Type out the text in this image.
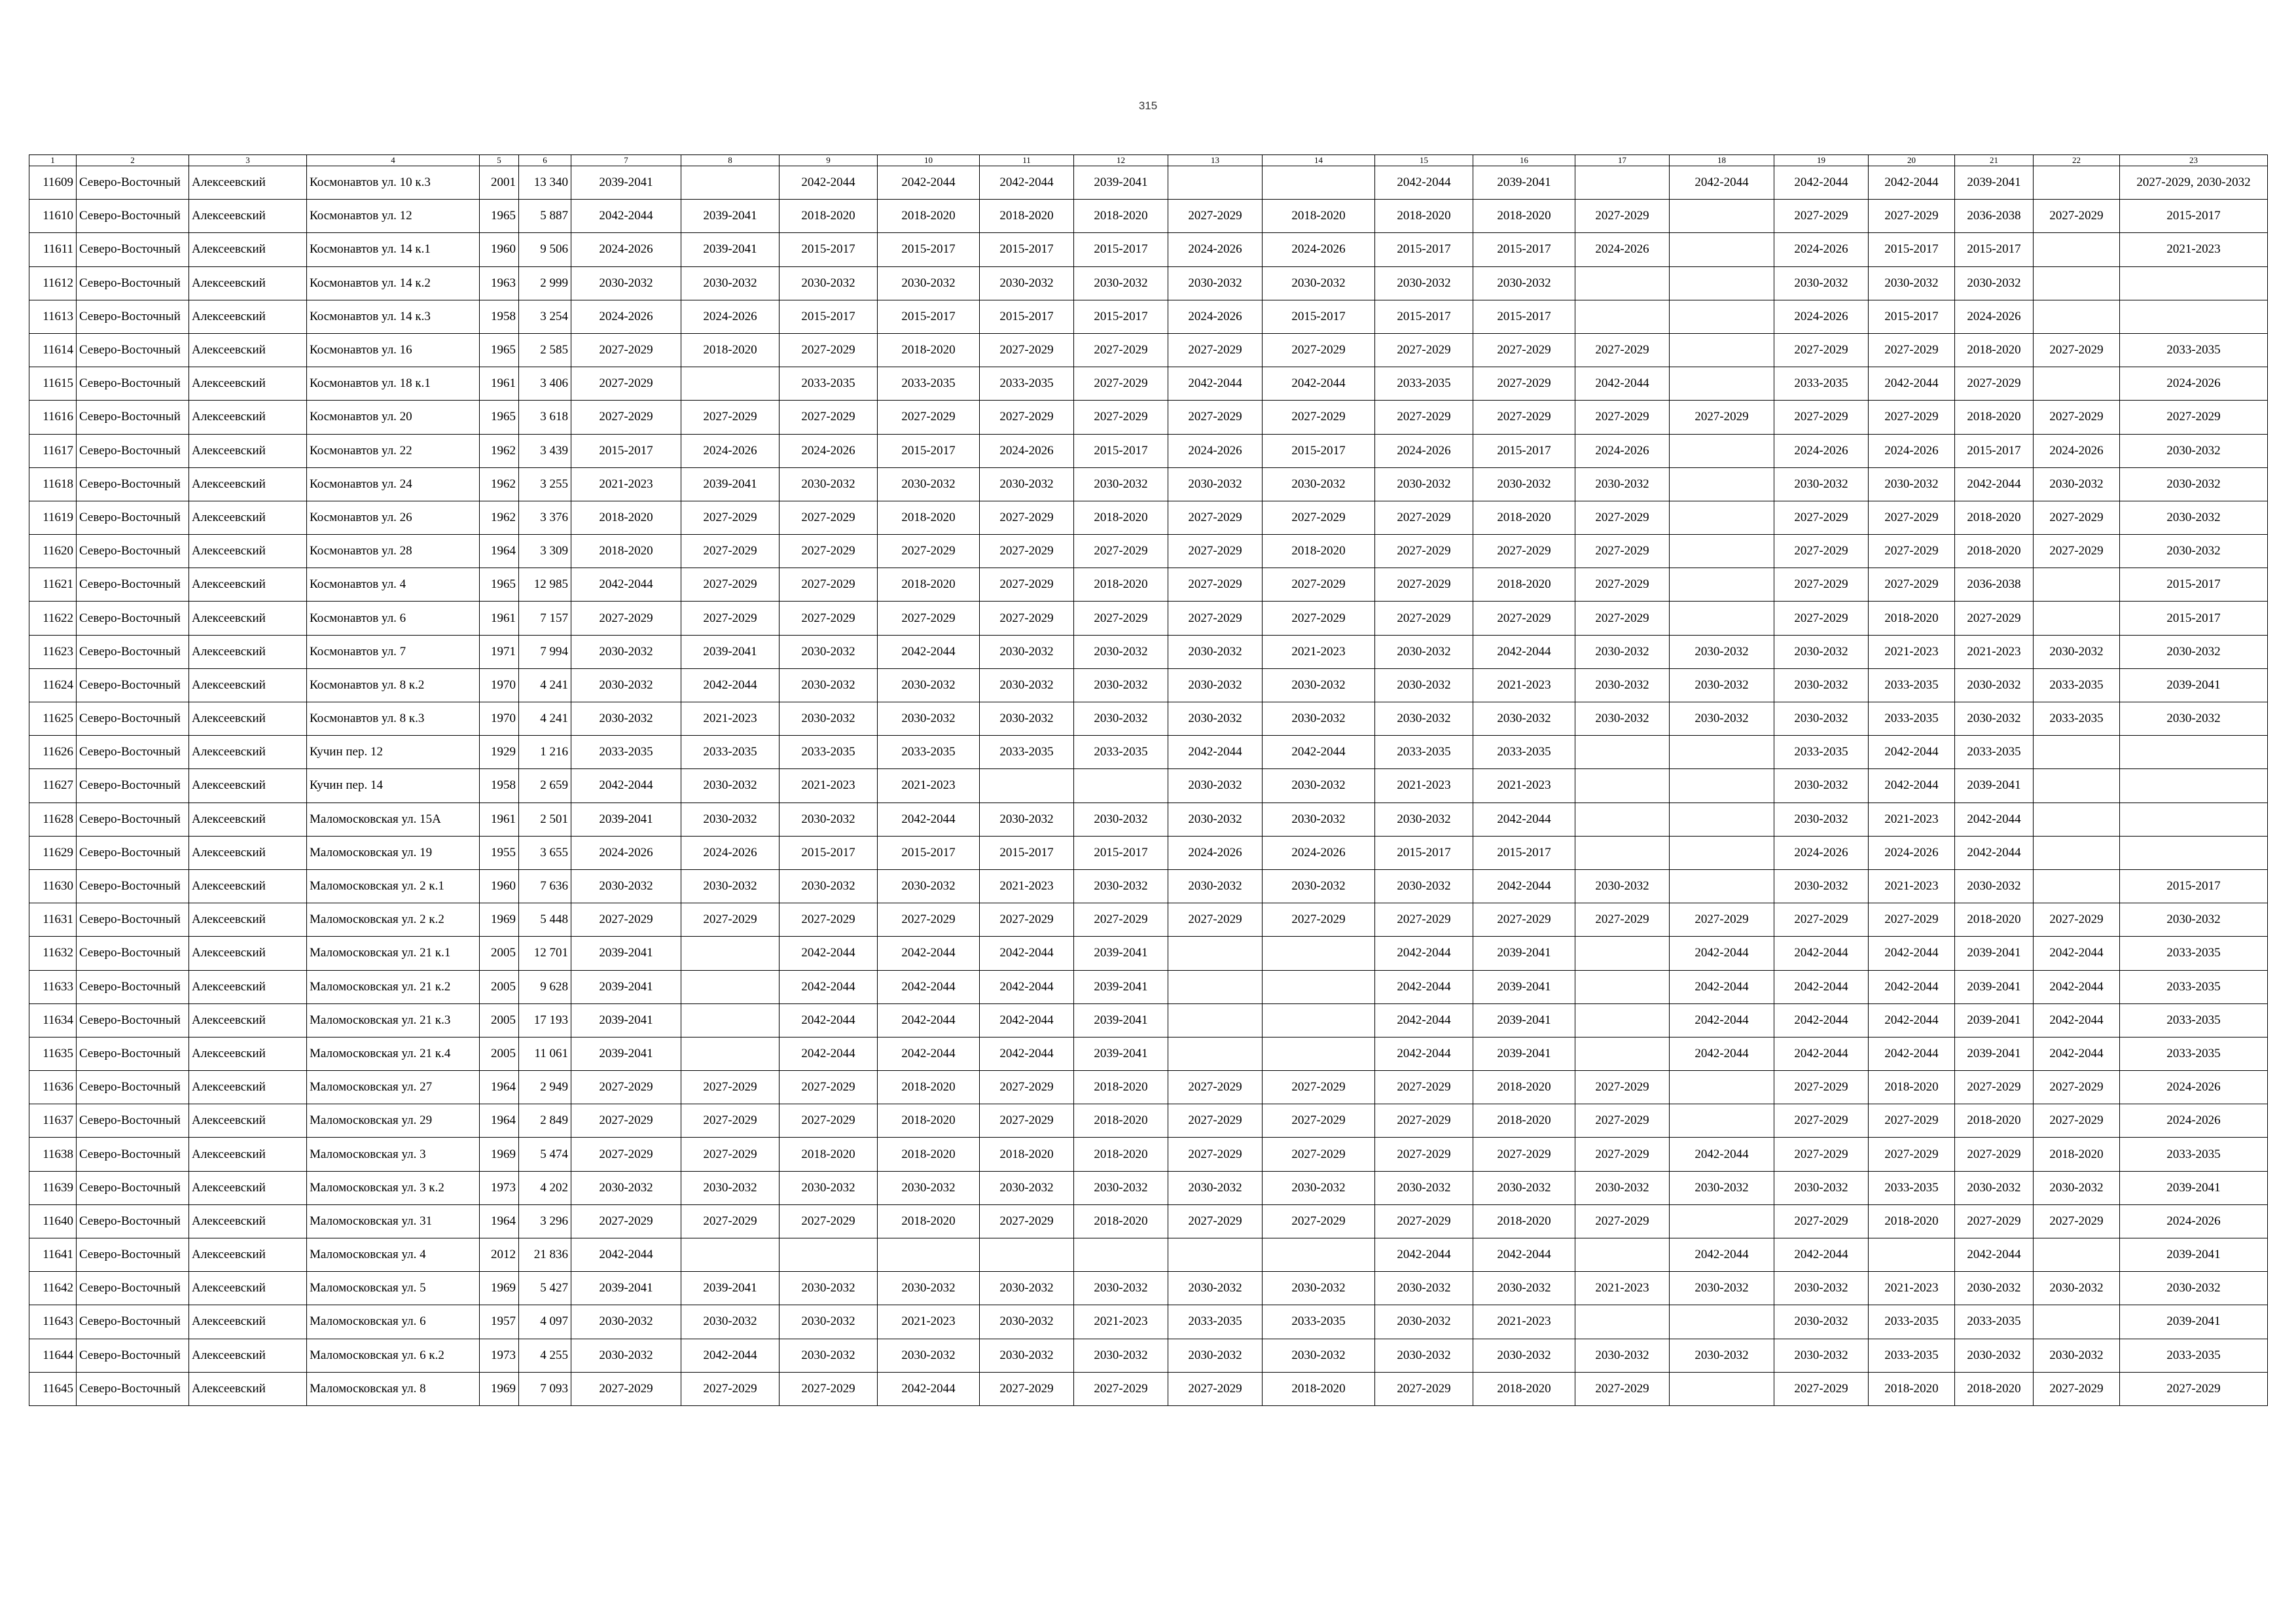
315
1	2	3	4	5	6	7	8	9	10	11	12	13	14	15	16	17	18	19	20	21	22	23
11609	Северо-Восточный	Алексеевский	Космонавтов ул. 10 к.3	2001	13 340	2039-2041		2042-2044	2042-2044	2042-2044	2039-2041			2042-2044	2039-2041		2042-2044	2042-2044	2042-2044	2039-2041		2027-2029, 2030-2032
11610	Северо-Восточный	Алексеевский	Космонавтов ул. 12	1965	5 887	2042-2044	2039-2041	2018-2020	2018-2020	2018-2020	2018-2020	2027-2029	2018-2020	2018-2020	2018-2020	2027-2029		2027-2029	2027-2029	2036-2038	2027-2029	2015-2017
11611	Северо-Восточный	Алексеевский	Космонавтов ул. 14 к.1	1960	9 506	2024-2026	2039-2041	2015-2017	2015-2017	2015-2017	2015-2017	2024-2026	2024-2026	2015-2017	2015-2017	2024-2026		2024-2026	2015-2017	2015-2017		2021-2023
11612	Северо-Восточный	Алексеевский	Космонавтов ул. 14 к.2	1963	2 999	2030-2032	2030-2032	2030-2032	2030-2032	2030-2032	2030-2032	2030-2032	2030-2032	2030-2032	2030-2032			2030-2032	2030-2032	2030-2032		
11613	Северо-Восточный	Алексеевский	Космонавтов ул. 14 к.3	1958	3 254	2024-2026	2024-2026	2015-2017	2015-2017	2015-2017	2015-2017	2024-2026	2015-2017	2015-2017	2015-2017			2024-2026	2015-2017	2024-2026		
11614	Северо-Восточный	Алексеевский	Космонавтов ул. 16	1965	2 585	2027-2029	2018-2020	2027-2029	2018-2020	2027-2029	2027-2029	2027-2029	2027-2029	2027-2029	2027-2029	2027-2029		2027-2029	2027-2029	2018-2020	2027-2029	2033-2035
11615	Северо-Восточный	Алексеевский	Космонавтов ул. 18 к.1	1961	3 406	2027-2029		2033-2035	2033-2035	2033-2035	2027-2029	2042-2044	2042-2044	2033-2035	2027-2029	2042-2044		2033-2035	2042-2044	2027-2029		2024-2026
11616	Северо-Восточный	Алексеевский	Космонавтов ул. 20	1965	3 618	2027-2029	2027-2029	2027-2029	2027-2029	2027-2029	2027-2029	2027-2029	2027-2029	2027-2029	2027-2029	2027-2029	2027-2029	2027-2029	2027-2029	2018-2020	2027-2029	2027-2029
11617	Северо-Восточный	Алексеевский	Космонавтов ул. 22	1962	3 439	2015-2017	2024-2026	2024-2026	2015-2017	2024-2026	2015-2017	2024-2026	2015-2017	2024-2026	2015-2017	2024-2026		2024-2026	2024-2026	2015-2017	2024-2026	2030-2032
11618	Северо-Восточный	Алексеевский	Космонавтов ул. 24	1962	3 255	2021-2023	2039-2041	2030-2032	2030-2032	2030-2032	2030-2032	2030-2032	2030-2032	2030-2032	2030-2032	2030-2032		2030-2032	2030-2032	2042-2044	2030-2032	2030-2032
11619	Северо-Восточный	Алексеевский	Космонавтов ул. 26	1962	3 376	2018-2020	2027-2029	2027-2029	2018-2020	2027-2029	2018-2020	2027-2029	2027-2029	2027-2029	2018-2020	2027-2029		2027-2029	2027-2029	2018-2020	2027-2029	2030-2032
11620	Северо-Восточный	Алексеевский	Космонавтов ул. 28	1964	3 309	2018-2020	2027-2029	2027-2029	2027-2029	2027-2029	2027-2029	2027-2029	2018-2020	2027-2029	2027-2029	2027-2029		2027-2029	2027-2029	2018-2020	2027-2029	2030-2032
11621	Северо-Восточный	Алексеевский	Космонавтов ул. 4	1965	12 985	2042-2044	2027-2029	2027-2029	2018-2020	2027-2029	2018-2020	2027-2029	2027-2029	2027-2029	2018-2020	2027-2029		2027-2029	2027-2029	2036-2038		2015-2017
11622	Северо-Восточный	Алексеевский	Космонавтов ул. 6	1961	7 157	2027-2029	2027-2029	2027-2029	2027-2029	2027-2029	2027-2029	2027-2029	2027-2029	2027-2029	2027-2029	2027-2029		2027-2029	2018-2020	2027-2029		2015-2017
11623	Северо-Восточный	Алексеевский	Космонавтов ул. 7	1971	7 994	2030-2032	2039-2041	2030-2032	2042-2044	2030-2032	2030-2032	2030-2032	2021-2023	2030-2032	2042-2044	2030-2032	2030-2032	2030-2032	2021-2023	2021-2023	2030-2032	2030-2032
11624	Северо-Восточный	Алексеевский	Космонавтов ул. 8 к.2	1970	4 241	2030-2032	2042-2044	2030-2032	2030-2032	2030-2032	2030-2032	2030-2032	2030-2032	2030-2032	2021-2023	2030-2032	2030-2032	2030-2032	2033-2035	2030-2032	2033-2035	2039-2041
11625	Северо-Восточный	Алексеевский	Космонавтов ул. 8 к.3	1970	4 241	2030-2032	2021-2023	2030-2032	2030-2032	2030-2032	2030-2032	2030-2032	2030-2032	2030-2032	2030-2032	2030-2032	2030-2032	2030-2032	2033-2035	2030-2032	2033-2035	2030-2032
11626	Северо-Восточный	Алексеевский	Кучин пер. 12	1929	1 216	2033-2035	2033-2035	2033-2035	2033-2035	2033-2035	2033-2035	2042-2044	2042-2044	2033-2035	2033-2035			2033-2035	2042-2044	2033-2035		
11627	Северо-Восточный	Алексеевский	Кучин пер. 14	1958	2 659	2042-2044	2030-2032	2021-2023	2021-2023			2030-2032	2030-2032	2021-2023	2021-2023			2030-2032	2042-2044	2039-2041		
11628	Северо-Восточный	Алексеевский	Маломосковская ул. 15А	1961	2 501	2039-2041	2030-2032	2030-2032	2042-2044	2030-2032	2030-2032	2030-2032	2030-2032	2030-2032	2042-2044			2030-2032	2021-2023	2042-2044		
11629	Северо-Восточный	Алексеевский	Маломосковская ул. 19	1955	3 655	2024-2026	2024-2026	2015-2017	2015-2017	2015-2017	2015-2017	2024-2026	2024-2026	2015-2017	2015-2017			2024-2026	2024-2026	2042-2044		
11630	Северо-Восточный	Алексеевский	Маломосковская ул. 2 к.1	1960	7 636	2030-2032	2030-2032	2030-2032	2030-2032	2021-2023	2030-2032	2030-2032	2030-2032	2030-2032	2042-2044	2030-2032		2030-2032	2021-2023	2030-2032		2015-2017
11631	Северо-Восточный	Алексеевский	Маломосковская ул. 2 к.2	1969	5 448	2027-2029	2027-2029	2027-2029	2027-2029	2027-2029	2027-2029	2027-2029	2027-2029	2027-2029	2027-2029	2027-2029	2027-2029	2027-2029	2027-2029	2018-2020	2027-2029	2030-2032
11632	Северо-Восточный	Алексеевский	Маломосковская ул. 21 к.1	2005	12 701	2039-2041		2042-2044	2042-2044	2042-2044	2039-2041			2042-2044	2039-2041		2042-2044	2042-2044	2042-2044	2039-2041	2042-2044	2033-2035
11633	Северо-Восточный	Алексеевский	Маломосковская ул. 21 к.2	2005	9 628	2039-2041		2042-2044	2042-2044	2042-2044	2039-2041			2042-2044	2039-2041		2042-2044	2042-2044	2042-2044	2039-2041	2042-2044	2033-2035
11634	Северо-Восточный	Алексеевский	Маломосковская ул. 21 к.3	2005	17 193	2039-2041		2042-2044	2042-2044	2042-2044	2039-2041			2042-2044	2039-2041		2042-2044	2042-2044	2042-2044	2039-2041	2042-2044	2033-2035
11635	Северо-Восточный	Алексеевский	Маломосковская ул. 21 к.4	2005	11 061	2039-2041		2042-2044	2042-2044	2042-2044	2039-2041			2042-2044	2039-2041		2042-2044	2042-2044	2042-2044	2039-2041	2042-2044	2033-2035
11636	Северо-Восточный	Алексеевский	Маломосковская ул. 27	1964	2 949	2027-2029	2027-2029	2027-2029	2018-2020	2027-2029	2018-2020	2027-2029	2027-2029	2027-2029	2018-2020	2027-2029		2027-2029	2018-2020	2027-2029	2027-2029	2024-2026
11637	Северо-Восточный	Алексеевский	Маломосковская ул. 29	1964	2 849	2027-2029	2027-2029	2027-2029	2018-2020	2027-2029	2018-2020	2027-2029	2027-2029	2027-2029	2018-2020	2027-2029		2027-2029	2027-2029	2018-2020	2027-2029	2024-2026
11638	Северо-Восточный	Алексеевский	Маломосковская ул. 3	1969	5 474	2027-2029	2027-2029	2018-2020	2018-2020	2018-2020	2018-2020	2027-2029	2027-2029	2027-2029	2027-2029	2027-2029	2042-2044	2027-2029	2027-2029	2027-2029	2018-2020	2033-2035
11639	Северо-Восточный	Алексеевский	Маломосковская ул. 3 к.2	1973	4 202	2030-2032	2030-2032	2030-2032	2030-2032	2030-2032	2030-2032	2030-2032	2030-2032	2030-2032	2030-2032	2030-2032	2030-2032	2030-2032	2033-2035	2030-2032	2030-2032	2039-2041
11640	Северо-Восточный	Алексеевский	Маломосковская ул. 31	1964	3 296	2027-2029	2027-2029	2027-2029	2018-2020	2027-2029	2018-2020	2027-2029	2027-2029	2027-2029	2018-2020	2027-2029		2027-2029	2018-2020	2027-2029	2027-2029	2024-2026
11641	Северо-Восточный	Алексеевский	Маломосковская ул. 4	2012	21 836	2042-2044								2042-2044	2042-2044		2042-2044	2042-2044		2042-2044		2039-2041
11642	Северо-Восточный	Алексеевский	Маломосковская ул. 5	1969	5 427	2039-2041	2039-2041	2030-2032	2030-2032	2030-2032	2030-2032	2030-2032	2030-2032	2030-2032	2030-2032	2021-2023	2030-2032	2030-2032	2021-2023	2030-2032	2030-2032	2030-2032
11643	Северо-Восточный	Алексеевский	Маломосковская ул. 6	1957	4 097	2030-2032	2030-2032	2030-2032	2021-2023	2030-2032	2021-2023	2033-2035	2033-2035	2030-2032	2021-2023			2030-2032	2033-2035	2033-2035		2039-2041
11644	Северо-Восточный	Алексеевский	Маломосковская ул. 6 к.2	1973	4 255	2030-2032	2042-2044	2030-2032	2030-2032	2030-2032	2030-2032	2030-2032	2030-2032	2030-2032	2030-2032	2030-2032	2030-2032	2030-2032	2033-2035	2030-2032	2030-2032	2033-2035
11645	Северо-Восточный	Алексеевский	Маломосковская ул. 8	1969	7 093	2027-2029	2027-2029	2027-2029	2042-2044	2027-2029	2027-2029	2027-2029	2018-2020	2027-2029	2018-2020	2027-2029		2027-2029	2018-2020	2018-2020	2027-2029	2027-2029
